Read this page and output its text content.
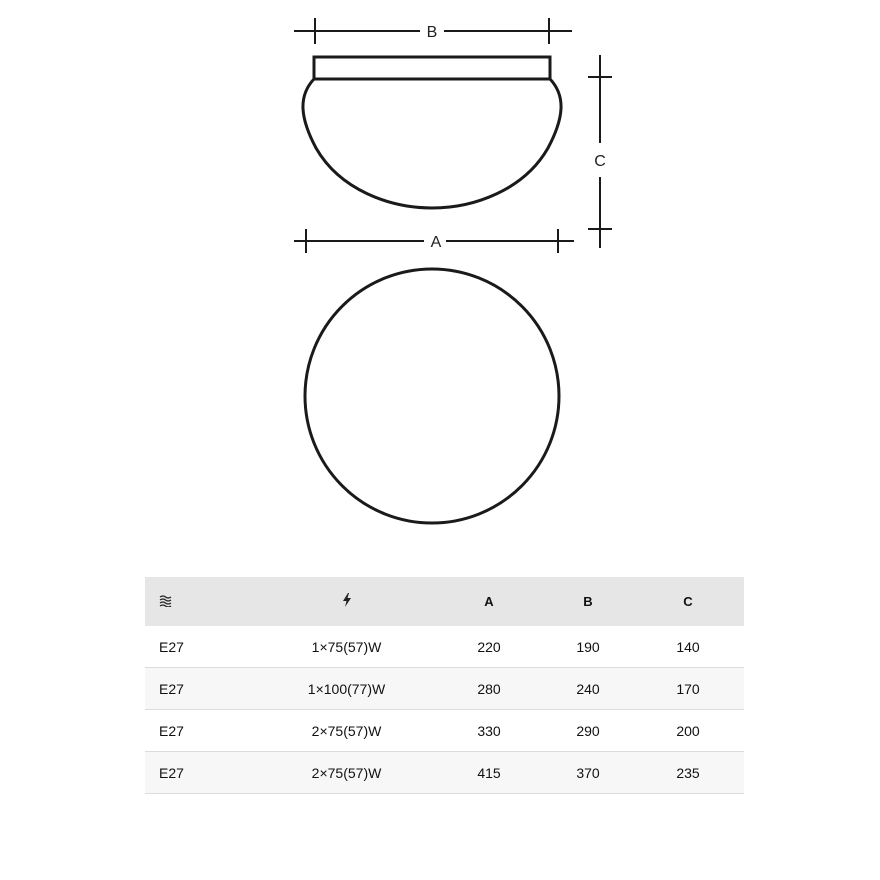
B
C
A
		A	B	C
E27	1×75(57)W	220	190	140
E27	1×100(77)W	280	240	170
E27	2×75(57)W	330	290	200
E27	2×75(57)W	415	370	235
